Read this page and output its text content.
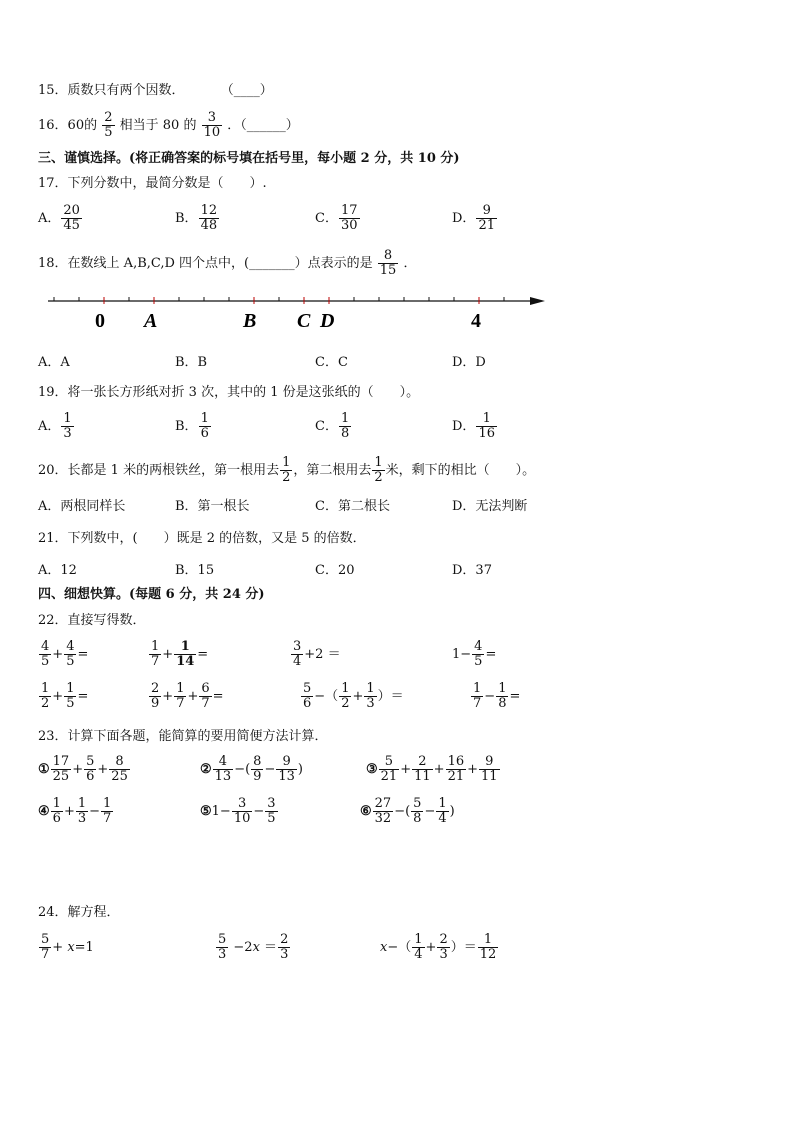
15．质数只有两个因数．	（____）
16．60的 $\frac{2}{5}$ 相当于 80 的 $\frac{3}{10}$ ．（______）
三、谨慎选择。(将正确答案的标号填在括号里，每小题 2 分，共 10 分)
17．下列分数中，最简分数是（　　）.
A． $\frac{20}{45}$	B． $\frac{12}{48}$	C． $\frac{17}{30}$	D． $\frac{9}{21}$
18．在数线上 A,B,C,D 四个点中，(_______）点表示的是 $\frac{8}{15}$ ．
0 A	B C D	4
A．A	B．B	C．C	D．D
19．将一张长方形纸对折 3 次，其中的 1 份是这张纸的（　　）。
A． $\frac{1}{3}$	B． $\frac{1}{6}$	C． $\frac{1}{8}$	D． $\frac{1}{16}$
20．长都是 1 米的两根铁丝，第一根用去 $\frac{1}{2}$ ，第二根用去 $\frac{1}{2}$ 米，剩下的相比（　　）。
A．两根同样长	B．第一根长	C．第二根长	D．无法判断
21．下列数中，(　　）既是 2 的倍数，又是 5 的倍数．
A．12	B．15	C．20	D．37
四、细想快算。(每题 6 分，共 24 分)
22．直接写得数．
$\frac{4}{5} + \frac{4}{5}$ =	$\frac{1}{7} + \frac{1}{14}$ =	$\frac{3}{4} +2$ ＝	$1- \frac{4}{5}$ =
$\frac{1}{2} + \frac{1}{5}$ =	$\frac{2}{9} + \frac{1}{7} + \frac{6}{7}$ =	$\frac{5}{6}$ −（ $\frac{1}{2} + \frac{1}{3}$ ）＝	$\frac{1}{7} - \frac{1}{8}$ =
23．计算下面各题，能简算的要用简便方法计算．
① $\frac{17}{25} + \frac{5}{6} + \frac{8}{25}$	② $\frac{4}{13}$ −( $\frac{8}{9} - \frac{9}{13}$ )	③ $\frac{5}{21} + \frac{2}{11} + \frac{16}{21} + \frac{9}{11}$
④ $\frac{1}{6} + \frac{1}{3} - \frac{1}{7}$	⑤1− $\frac{3}{10} - \frac{3}{5}$	⑥ $\frac{27}{32}$ −( $\frac{5}{8} - \frac{1}{4}$ )
24．解方程．
$\frac{5}{7} + x=1$	$\frac{5}{3} -2x = \frac{2}{3}$	$x-( \frac{1}{4} + \frac{2}{3}$ ）＝ $\frac{1}{12}$
